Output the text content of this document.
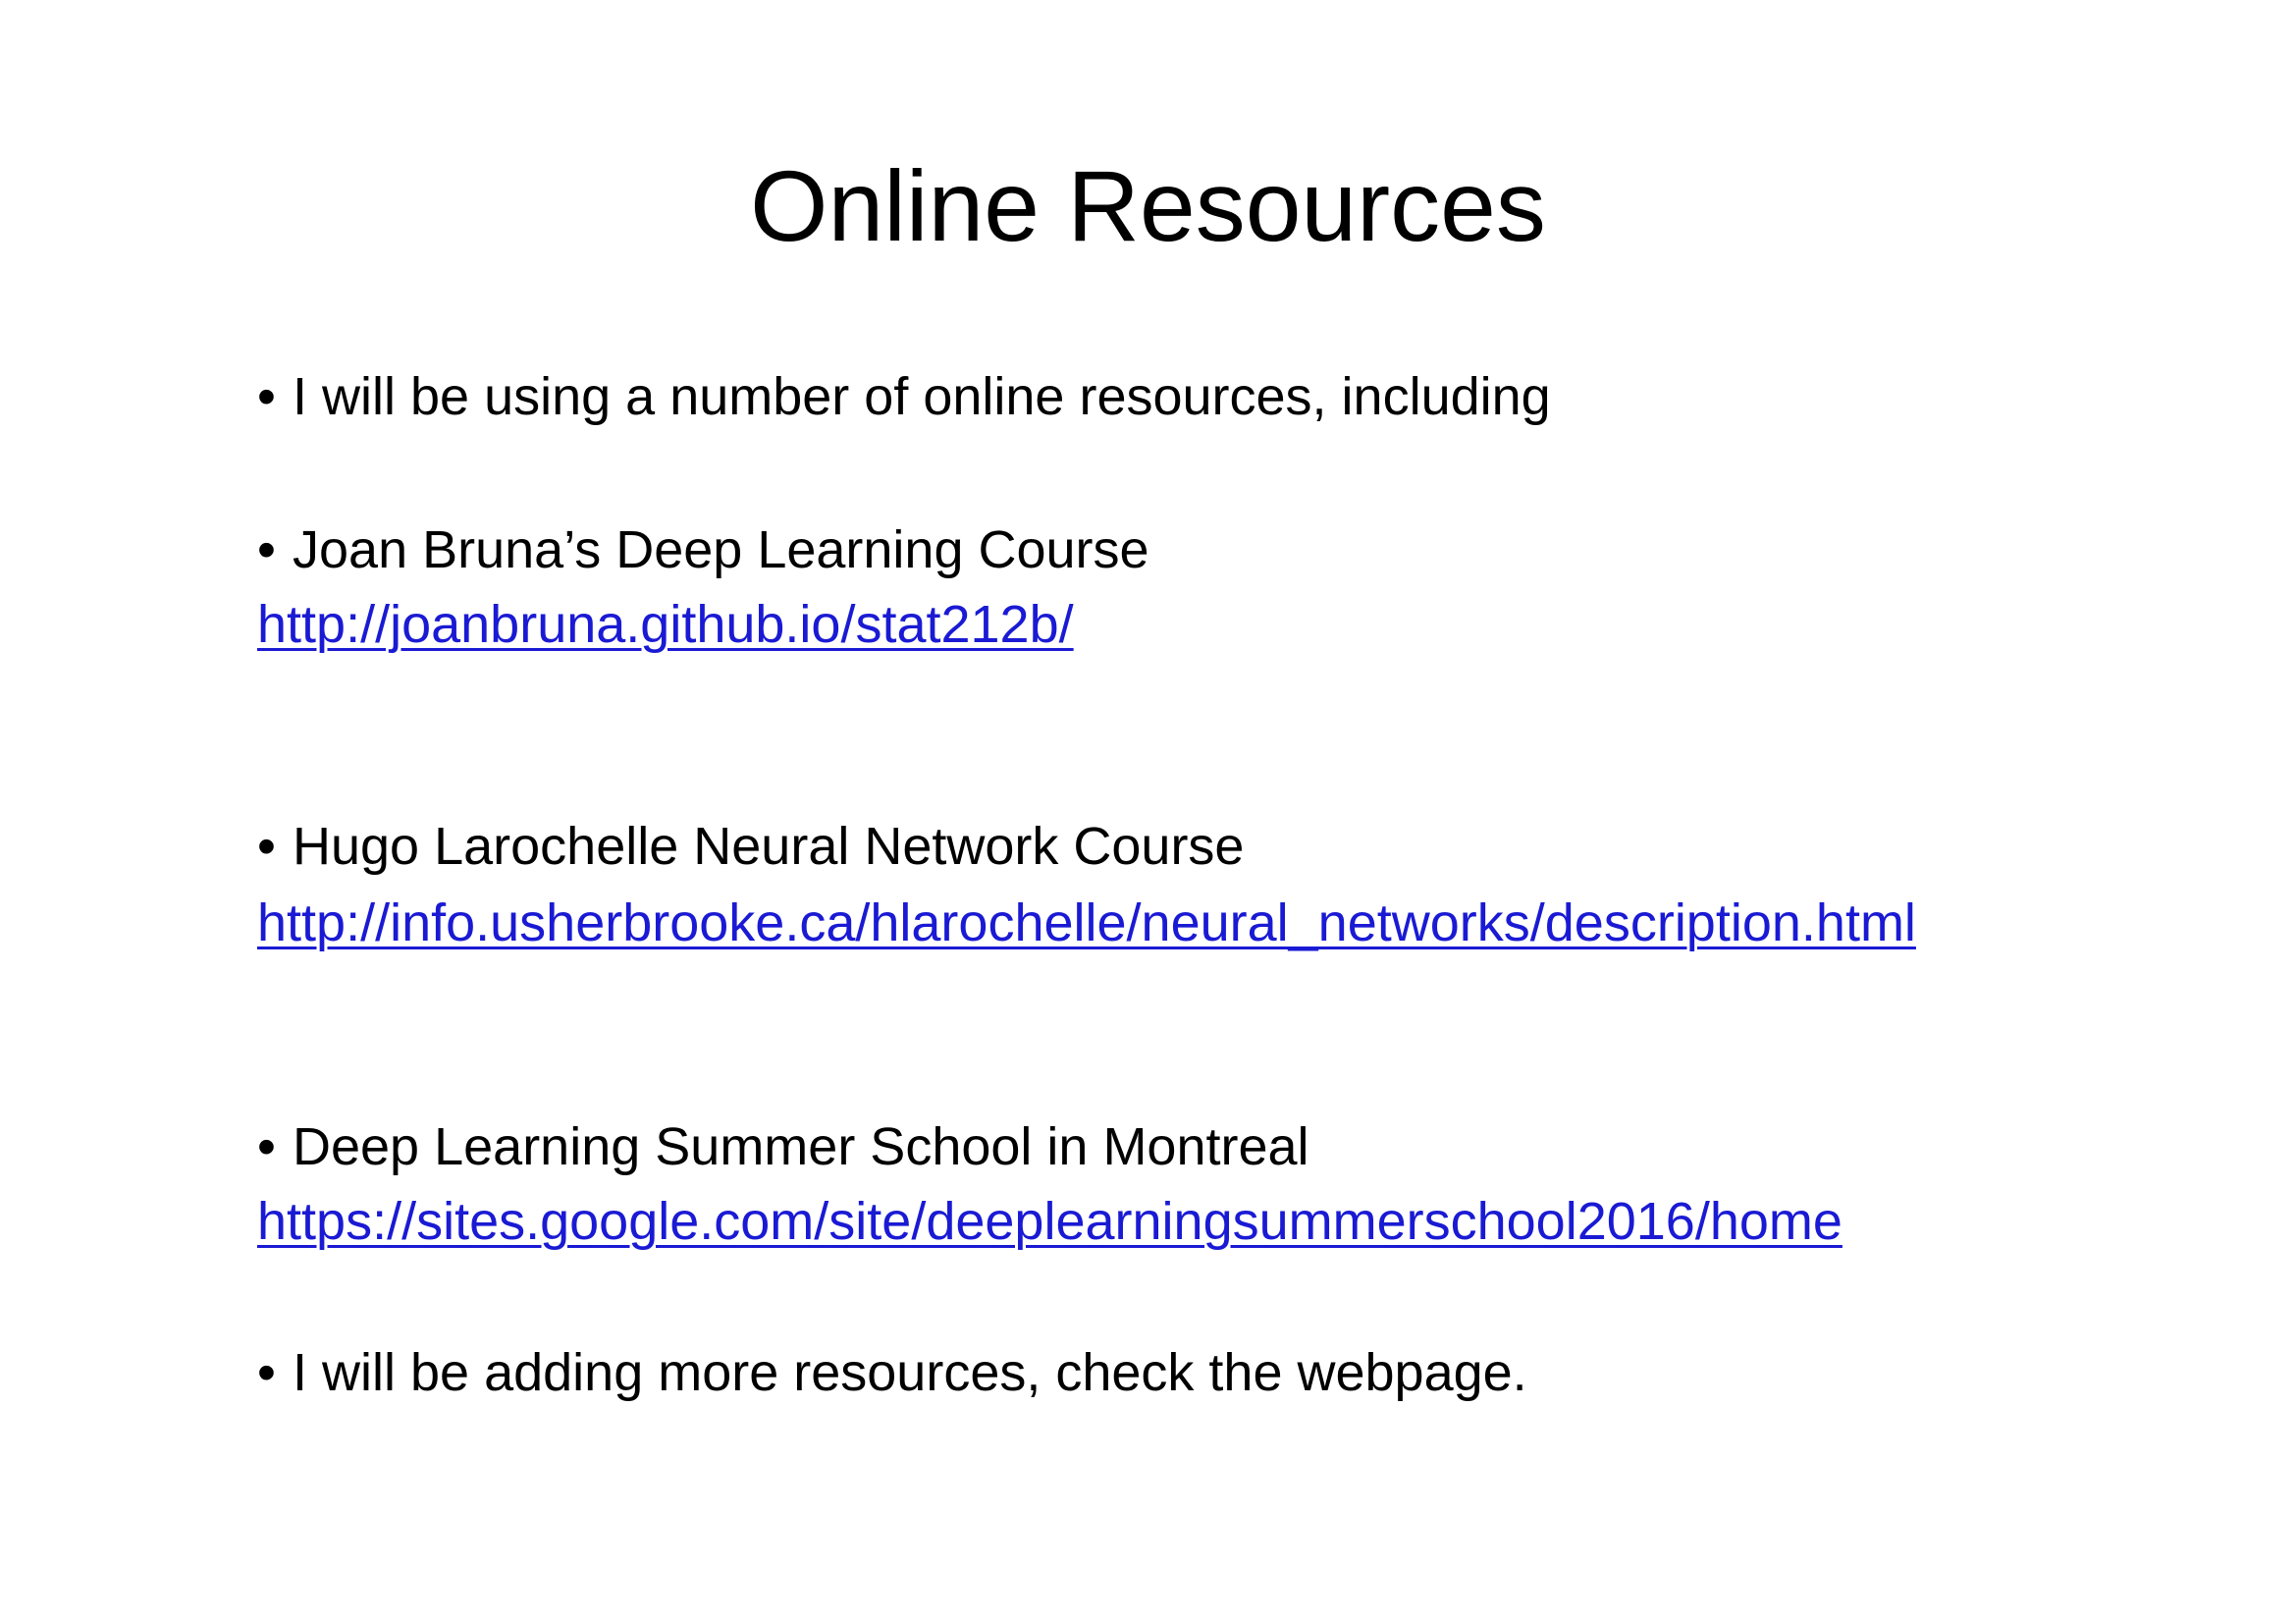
Online Resources
• I will be using a number of online resources, including
• Joan Bruna’s Deep Learning Course
http://joanbruna.github.io/stat212b/
• Hugo Larochelle Neural Network Course
http://info.usherbrooke.ca/hlarochelle/neural_networks/description.html
• Deep Learning Summer School in Montreal
https://sites.google.com/site/deeplearningsummerschool2016/home
• I will be adding more resources, check the webpage.
